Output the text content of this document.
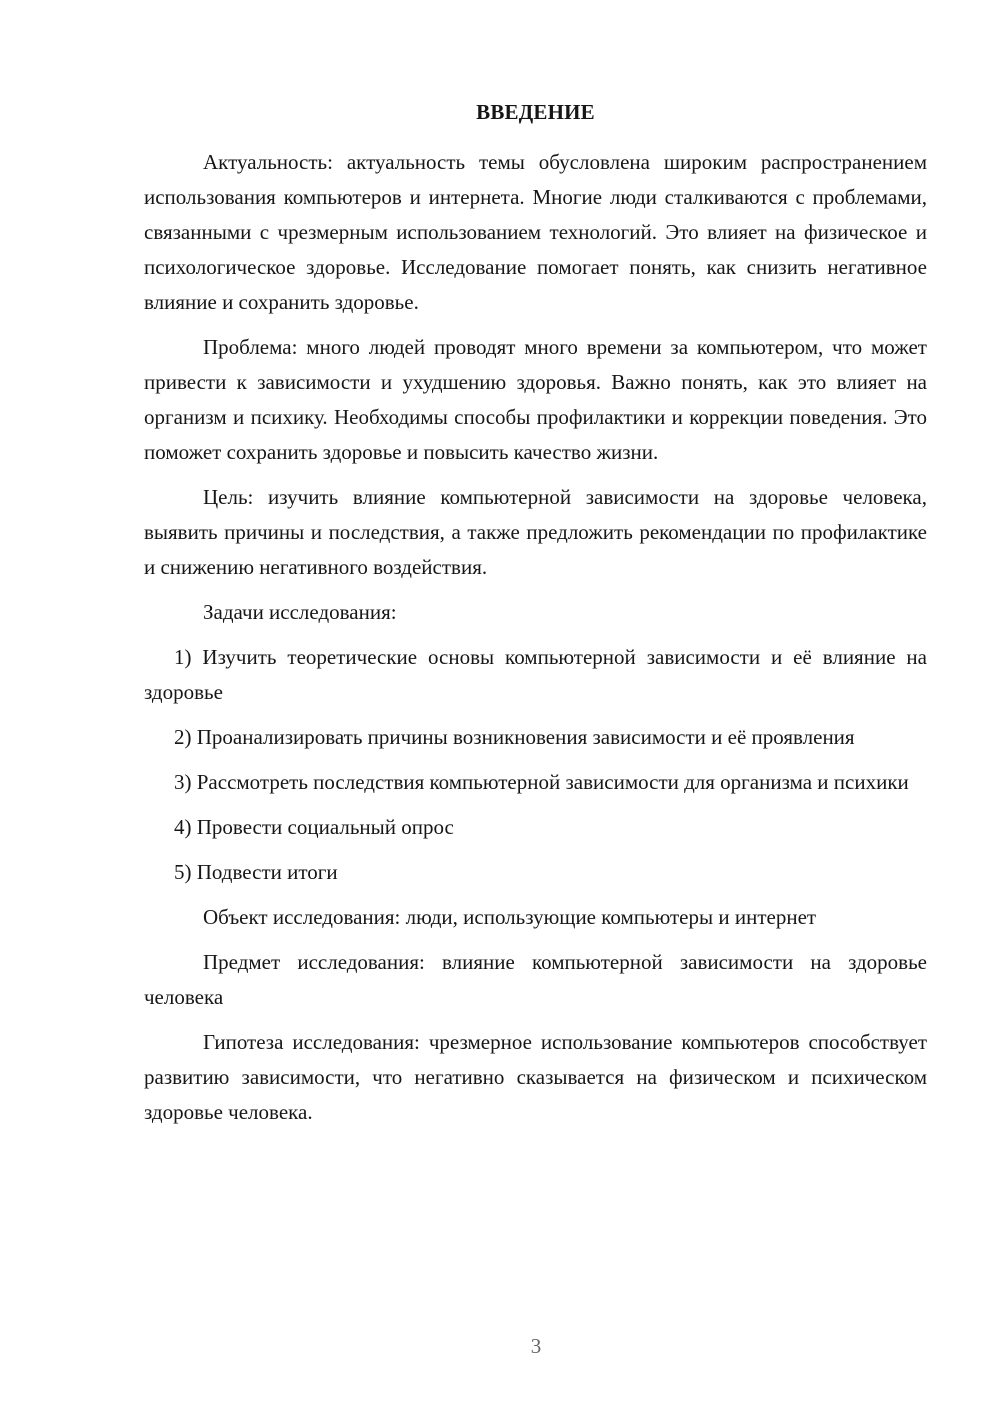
ВВЕДЕНИЕ

Актуальность: актуальность темы обусловлена широким распространением использования компьютеров и интернета. Многие люди сталкиваются с проблемами, связанными с чрезмерным использованием технологий. Это влияет на физическое и психологическое здоровье. Исследование помогает понять, как снизить негативное влияние и сохранить здоровье.

Проблема: много людей проводят много времени за компьютером, что может привести к зависимости и ухудшению здоровья. Важно понять, как это влияет на организм и психику. Необходимы способы профилактики и коррекции поведения. Это поможет сохранить здоровье и повысить качество жизни.

Цель: изучить влияние компьютерной зависимости на здоровье человека, выявить причины и последствия, а также предложить рекомендации по профилактике и снижению негативного воздействия.

Задачи исследования:

1) Изучить теоретические основы компьютерной зависимости и её влияние на здоровье

2) Проанализировать причины возникновения зависимости и её проявления

3) Рассмотреть последствия компьютерной зависимости для организма и психики

4) Провести социальный опрос

5) Подвести итоги

Объект исследования: люди, использующие компьютеры и интернет

Предмет исследования: влияние компьютерной зависимости на здоровье человека

Гипотеза исследования: чрезмерное использование компьютеров способствует развитию зависимости, что негативно сказывается на физическом и психическом здоровье человека.

3
